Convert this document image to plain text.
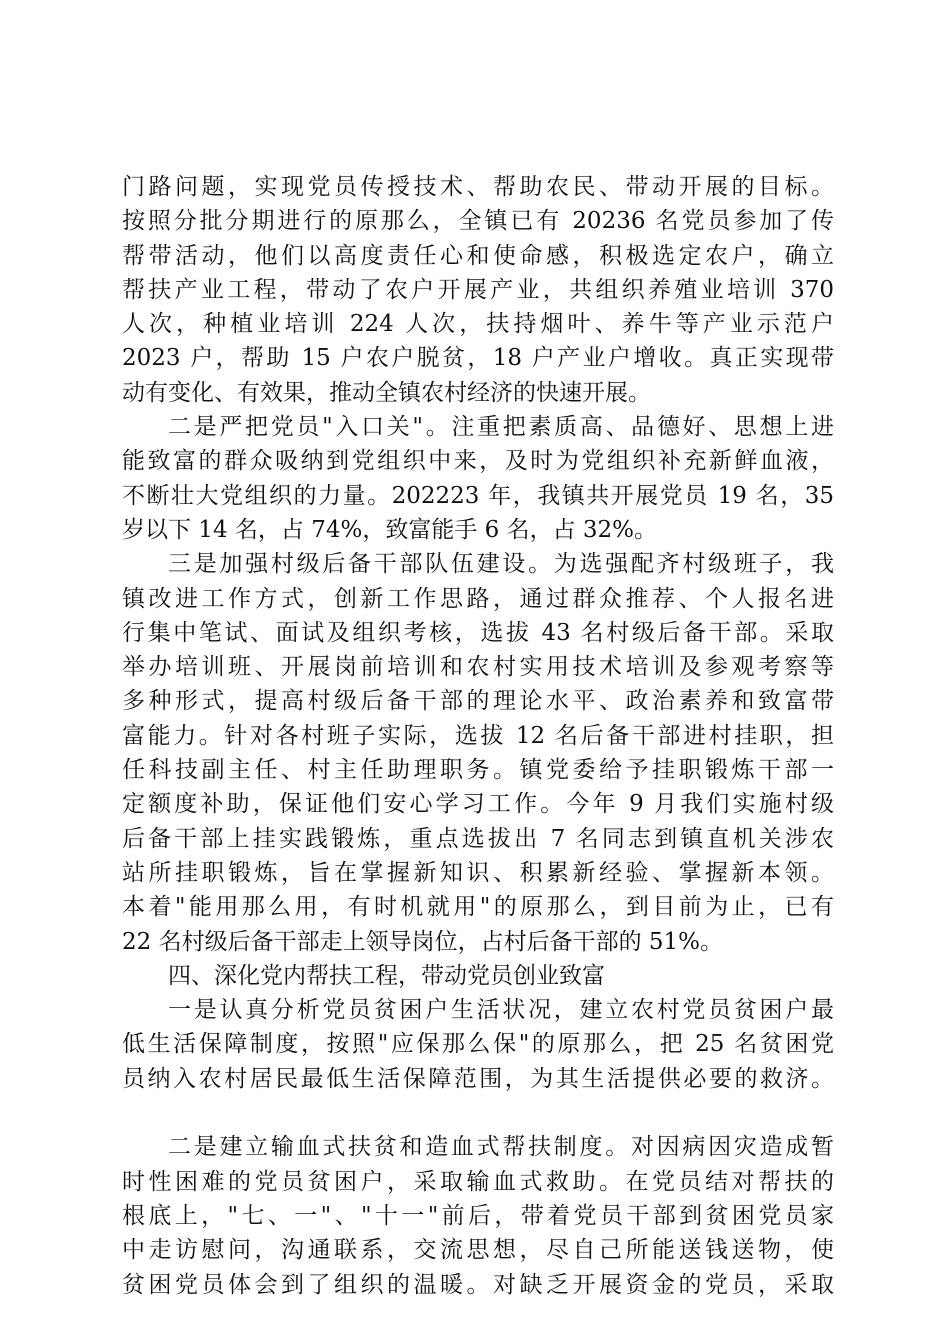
门路问题，实现党员传授技术、帮助农民、带动开展的目标。
按照分批分期进行的原那么，全镇已有 20236 名党员参加了传
帮带活动，他们以高度责任心和使命感，积极选定农户，确立
帮扶产业工程，带动了农户开展产业，共组织养殖业培训 370
人次，种植业培训 224 人次，扶持烟叶、养牛等产业示范户
2023 户，帮助 15 户农户脱贫，18 户产业户增收。真正实现带
动有变化、有效果，推动全镇农村经济的快速开展。
二是严把党员"入口关"。注重把素质高、品德好、思想上进
能致富的群众吸纳到党组织中来，及时为党组织补充新鲜血液，
不断壮大党组织的力量。202223 年，我镇共开展党员 19 名，35
岁以下 14 名，占 74%，致富能手 6 名，占 32%。
三是加强村级后备干部队伍建设。为选强配齐村级班子，我
镇改进工作方式，创新工作思路，通过群众推荐、个人报名进
行集中笔试、面试及组织考核，选拔 43 名村级后备干部。采取
举办培训班、开展岗前培训和农村实用技术培训及参观考察等
多种形式，提高村级后备干部的理论水平、政治素养和致富带
富能力。针对各村班子实际，选拔 12 名后备干部进村挂职，担
任科技副主任、村主任助理职务。镇党委给予挂职锻炼干部一
定额度补助，保证他们安心学习工作。今年 9 月我们实施村级
后备干部上挂实践锻炼，重点选拔出 7 名同志到镇直机关涉农
站所挂职锻炼，旨在掌握新知识、积累新经验、掌握新本领。
本着"能用那么用，有时机就用"的原那么，到目前为止，已有
22 名村级后备干部走上领导岗位，占村后备干部的 51%。
四、深化党内帮扶工程，带动党员创业致富
一是认真分析党员贫困户生活状况，建立农村党员贫困户最
低生活保障制度，按照"应保那么保"的原那么，把 25 名贫困党
员纳入农村居民最低生活保障范围，为其生活提供必要的救济。
二是建立输血式扶贫和造血式帮扶制度。对因病因灾造成暂
时性困难的党员贫困户，采取输血式救助。在党员结对帮扶的
根底上，"七、一"、"十一"前后，带着党员干部到贫困党员家
中走访慰问，沟通联系，交流思想，尽自己所能送钱送物，使
贫困党员体会到了组织的温暖。对缺乏开展资金的党员，采取
